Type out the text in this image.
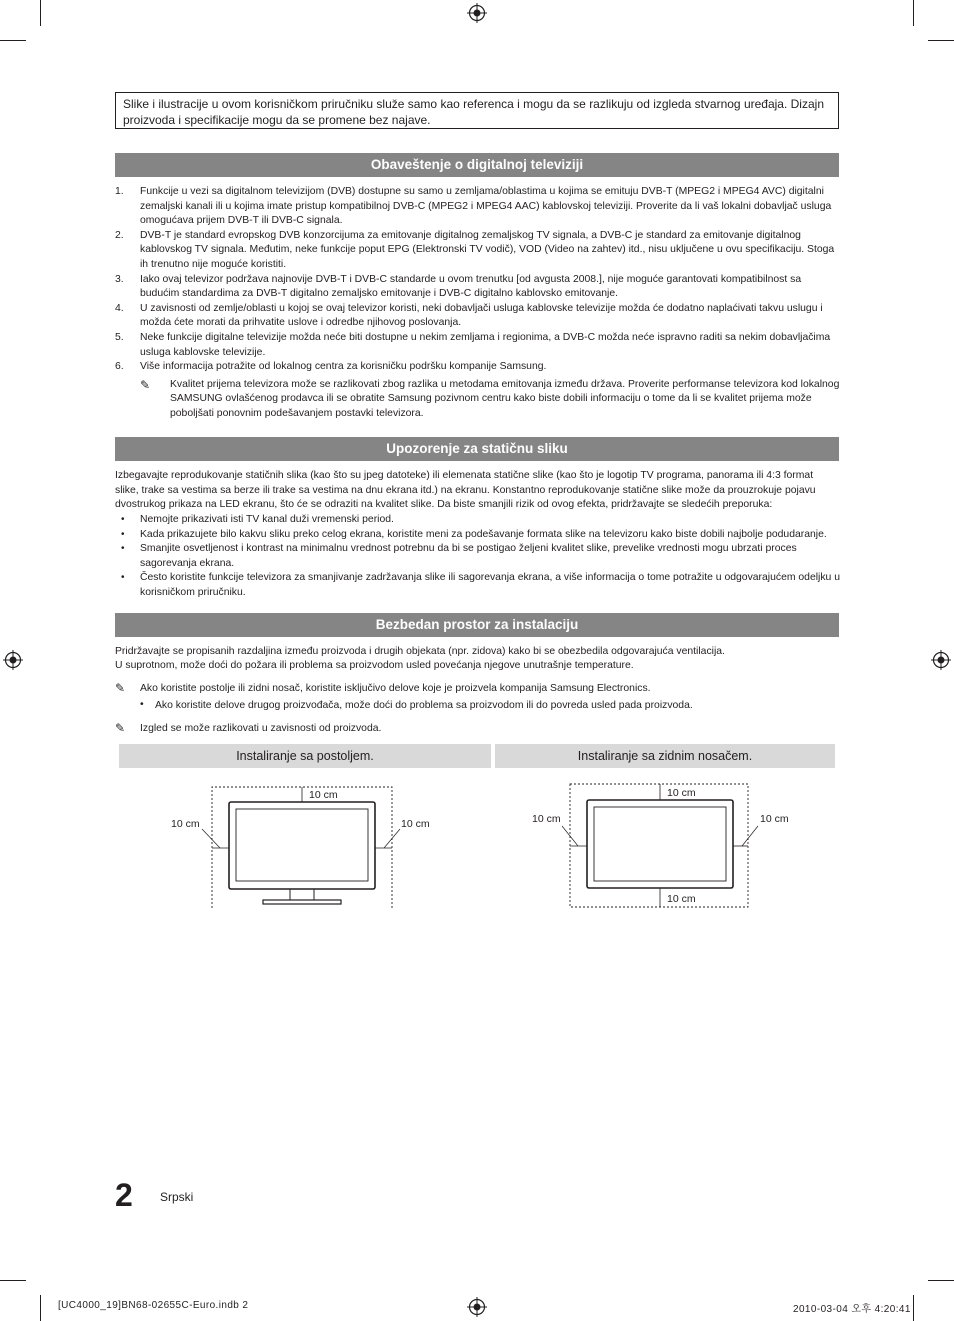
Slike i ilustracije u ovom korisničkom priručniku služe samo kao referenca i mogu da se razlikuju od izgleda stvarnog uređaja. Dizajn proizvoda i specifikacije mogu da se promene bez najave.
Obaveštenje o digitalnoj televiziji
1. Funkcije u vezi sa digitalnom televizijom (DVB) dostupne su samo u zemljama/oblastima u kojima se emituju DVB-T (MPEG2 i MPEG4 AVC) digitalni zemaljski kanali ili u kojima imate pristup kompatibilnoj DVB-C (MPEG2 i MPEG4 AAC) kablovskoj televiziji. Proverite da li vaš lokalni dobavljač usluga omogućava prijem DVB-T ili DVB-C signala.
2. DVB-T je standard evropskog DVB konzorcijuma za emitovanje digitalnog zemaljskog TV signala, a DVB-C je standard za emitovanje digitalnog kablovskog TV signala. Međutim, neke funkcije poput EPG (Elektronski TV vodič), VOD (Video na zahtev) itd., nisu uključene u ovu specifikaciju. Stoga ih trenutno nije moguće koristiti.
3. Iako ovaj televizor podržava najnovije DVB-T i DVB-C standarde u ovom trenutku [od avgusta 2008.], nije moguće garantovati kompatibilnost sa budućim standardima za DVB-T digitalno zemaljsko emitovanje i DVB-C digitalno kablovsko emitovanje.
4. U zavisnosti od zemlje/oblasti u kojoj se ovaj televizor koristi, neki dobavljači usluga kablovske televizije možda će dodatno naplaćivati takvu uslugu i možda ćete morati da prihvatite uslove i odredbe njihovog poslovanja.
5. Neke funkcije digitalne televizije možda neće biti dostupne u nekim zemljama i regionima, a DVB-C možda neće ispravno raditi sa nekim dobavljačima usluga kablovske televizije.
6. Više informacija potražite od lokalnog centra za korisničku podršku kompanije Samsung.
✎ Kvalitet prijema televizora može se razlikovati zbog razlika u metodama emitovanja između država. Proverite performanse televizora kod lokalnog SAMSUNG ovlašćenog prodavca ili se obratite Samsung pozivnom centru kako biste dobili informaciju o tome da li se kvalitet prijema može poboljšati ponovnim podešavanjem postavki televizora.
Upozorenje za statičnu sliku
Izbegavajte reprodukovanje statičnih slika (kao što su jpeg datoteke) ili elemenata statične slike (kao što je logotip TV programa, panorama ili 4:3 format slike, trake sa vestima sa berze ili trake sa vestima na dnu ekrana itd.) na ekranu. Konstantno reprodukovanje statične slike može da prouzrokuje pojavu dvostrukog prikaza na LED ekranu, što će se odraziti na kvalitet slike. Da biste smanjili rizik od ovog efekta, pridržavajte se sledećih preporuka:
• Nemojte prikazivati isti TV kanal duži vremenski period.
• Kada prikazujete bilo kakvu sliku preko celog ekrana, koristite meni za podešavanje formata slike na televizoru kako biste dobili najbolje podudaranje.
• Smanjite osvetljenost i kontrast na minimalnu vrednost potrebnu da bi se postigao željeni kvalitet slike, prevelike vrednosti mogu ubrzati proces sagorevanja ekrana.
• Često koristite funkcije televizora za smanjivanje zadržavanja slike ili sagorevanja ekrana, a više informacija o tome potražite u odgovarajućem odeljku u korisničkom priručniku.
Bezbedan prostor za instalaciju
Pridržavajte se propisanih razdaljina između proizvoda i drugih objekata (npr. zidova) kako bi se obezbedila odgovarajuća ventilacija.
U suprotnom, može doći do požara ili problema sa proizvodom usled povećanja njegove unutrašnje temperature.
✎ Ako koristite postolje ili zidni nosač, koristite isključivo delove koje je proizvela kompanija Samsung Electronics.
• Ako koristite delove drugog proizvođača, može doći do problema sa proizvodom ili do povreda usled pada proizvoda.
✎ Izgled se može razlikovati u zavisnosti od proizvoda.
Instaliranje sa postoljem.	Instaliranje sa zidnim nosačem.
10 cm
10 cm	10 cm
10 cm
10 cm	10 cm
10 cm
2 Srpski
[UC4000_19]BN68-02655C-Euro.indb 2	2010-03-04 오후 4:20:41
